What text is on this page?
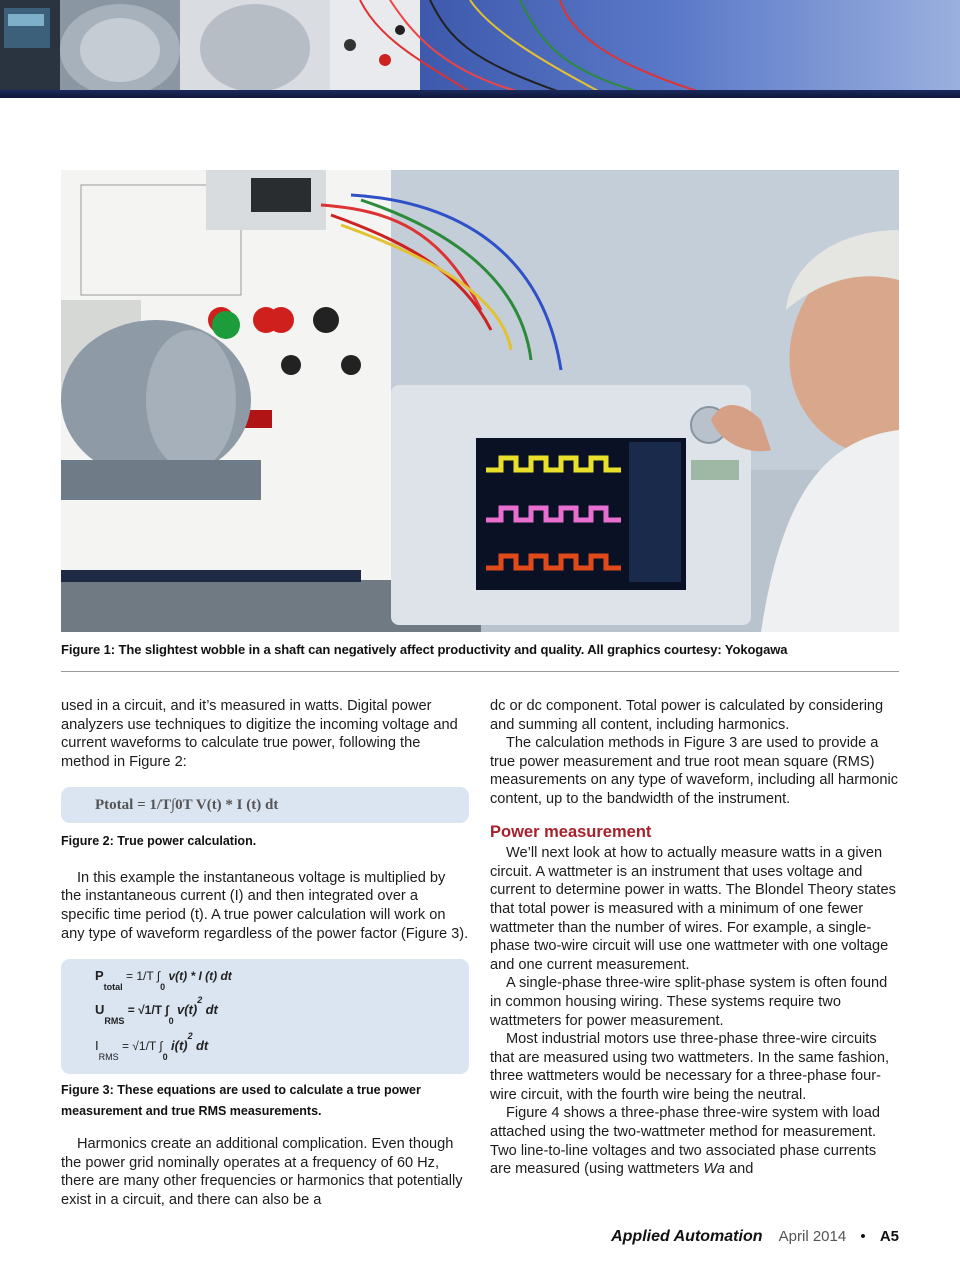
Figure 1: The slightest wobble in a shaft can negatively affect productivity and quality. All graphics courtesy: Yokogawa

used in a circuit, and it’s measured in watts. Digital power analyzers use techniques to digitize the incoming voltage and current waveforms to calculate true power, following the method in Figure 2:

Ptotal = 1/T∫0T V(t) * I (t) dt

Figure 2: True power calculation.

In this example the instantaneous voltage is multiplied by the instantaneous current (I) and then integrated over a specific time period (t). A true power calculation will work on any type of waveform regardless of the power factor (Figure 3).

$P_{total} = 1/T$ $\int_0$ v(t) * I (t) dt
$U_{RMS} = √1/T$ $\int_0$ $v(t)^2$ dt
$I_{RMS} = √1/T$ $\int_0$ $i(t)^2$ dt

Figure 3: These equations are used to calculate a true power measurement and true RMS measurements.

Harmonics create an additional complication. Even though the power grid nominally operates at a frequency of 60 Hz, there are many other frequencies or harmonics that potentially exist in a circuit, and there can also be a

dc or dc component. Total power is calculated by considering and summing all content, including harmonics.

The calculation methods in Figure 3 are used to provide a true power measurement and true root mean square (RMS) measurements on any type of waveform, including all harmonic content, up to the bandwidth of the instrument.

Power measurement

We’ll next look at how to actually measure watts in a given circuit. A wattmeter is an instrument that uses voltage and current to determine power in watts. The Blondel Theory states that total power is measured with a minimum of one fewer wattmeter than the number of wires. For example, a single-phase two-wire circuit will use one wattmeter with one voltage and one current measurement.

A single-phase three-wire split-phase system is often found in common housing wiring. These systems require two wattmeters for power measurement.

Most industrial motors use three-phase three-wire circuits that are measured using two wattmeters. In the same fashion, three wattmeters would be necessary for a three-phase four-wire circuit, with the fourth wire being the neutral.

Figure 4 shows a three-phase three-wire system with load attached using the two-wattmeter method for measurement. Two line-to-line voltages and two associated phase currents are measured (using wattmeters Wa and

Applied Automation April 2014 • A5
